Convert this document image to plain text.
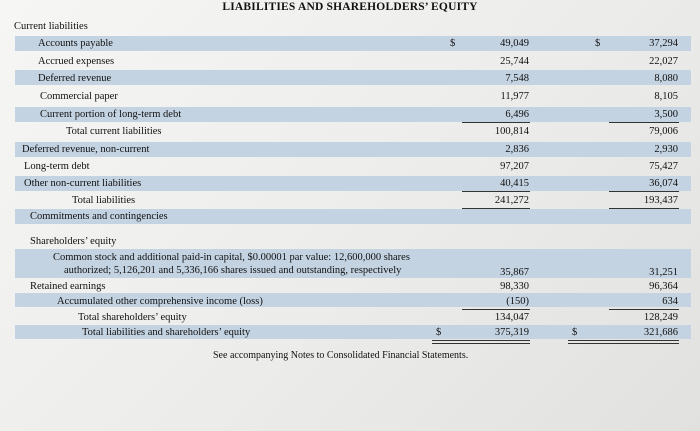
LIABILITIES AND SHAREHOLDERS’ EQUITY
Current liabilities
Accounts payable	$	49,049	$	37,294
Accrued expenses	25,744	22,027
Deferred revenue	7,548	8,080
Commercial paper	11,977	8,105
Current portion of long-term debt	6,496	3,500
Total current liabilities	100,814	79,006
Deferred revenue, non-current	2,836	2,930
Long-term debt	97,207	75,427
Other non-current liabilities	40,415	36,074
Total liabilities	241,272	193,437
Commitments and contingencies
Shareholders’ equity
Common stock and additional paid-in capital, $0.00001 par value: 12,600,000 shares
authorized; 5,126,201 and 5,336,166 shares issued and outstanding, respectively	35,867	31,251
Retained earnings	98,330	96,364
Accumulated other comprehensive income (loss)	(150)	634
Total shareholders’ equity	134,047	128,249
Total liabilities and shareholders’ equity	$	375,319	$	321,686
See accompanying Notes to Consolidated Financial Statements.
